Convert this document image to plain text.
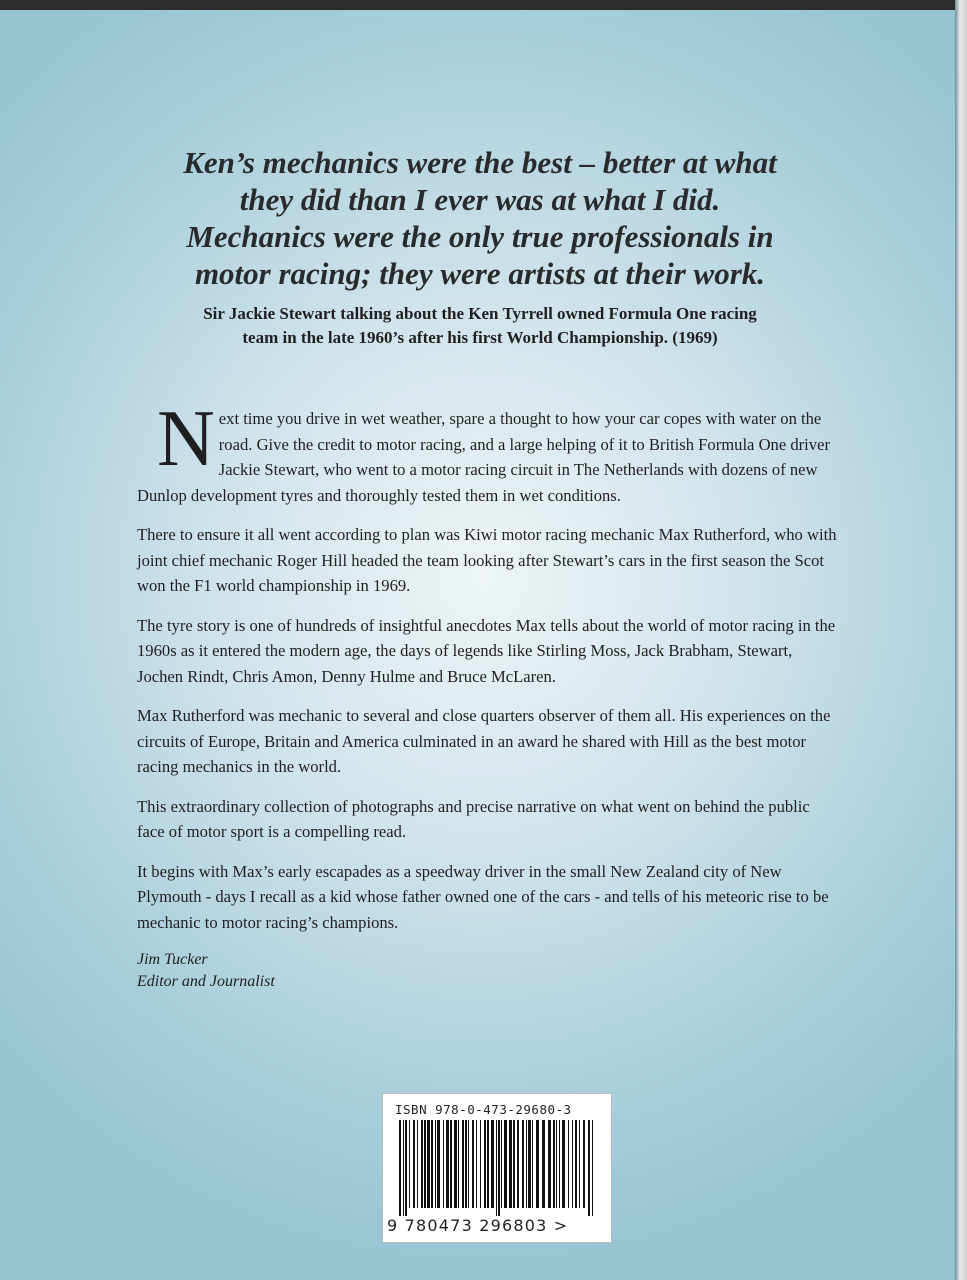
Ken’s mechanics were the best – better at what
they did than I ever was at what I did.
Mechanics were the only true professionals in
motor racing; they were artists at their work.
Sir Jackie Stewart talking about the Ken Tyrrell owned Formula One racing
team in the late 1960’s after his first World Championship. (1969)

Next time you drive in wet weather, spare a thought to how your car copes with water on the road. Give the credit to motor racing, and a large helping of it to British Formula One driver Jackie Stewart, who went to a motor racing circuit in The Netherlands with dozens of new Dunlop development tyres and thoroughly tested them in wet conditions.

There to ensure it all went according to plan was Kiwi motor racing mechanic Max Rutherford, who with joint chief mechanic Roger Hill headed the team looking after Stewart’s cars in the first season the Scot won the F1 world championship in 1969.

The tyre story is one of hundreds of insightful anecdotes Max tells about the world of motor racing in the 1960s as it entered the modern age, the days of legends like Stirling Moss, Jack Brabham, Stewart, Jochen Rindt, Chris Amon, Denny Hulme and Bruce McLaren.

Max Rutherford was mechanic to several and close quarters observer of them all. His experiences on the circuits of Europe, Britain and America culminated in an award he shared with Hill as the best motor racing mechanics in the world.

This extraordinary collection of photographs and precise narrative on what went on behind the public face of motor sport is a compelling read.

It begins with Max’s early escapades as a speedway driver in the small New Zealand city of New Plymouth - days I recall as a kid whose father owned one of the cars - and tells of his meteoric rise to be mechanic to motor racing’s champions.

Jim Tucker
Editor and Journalist

ISBN 978-0-473-29680-3
9 780473 296803 >
